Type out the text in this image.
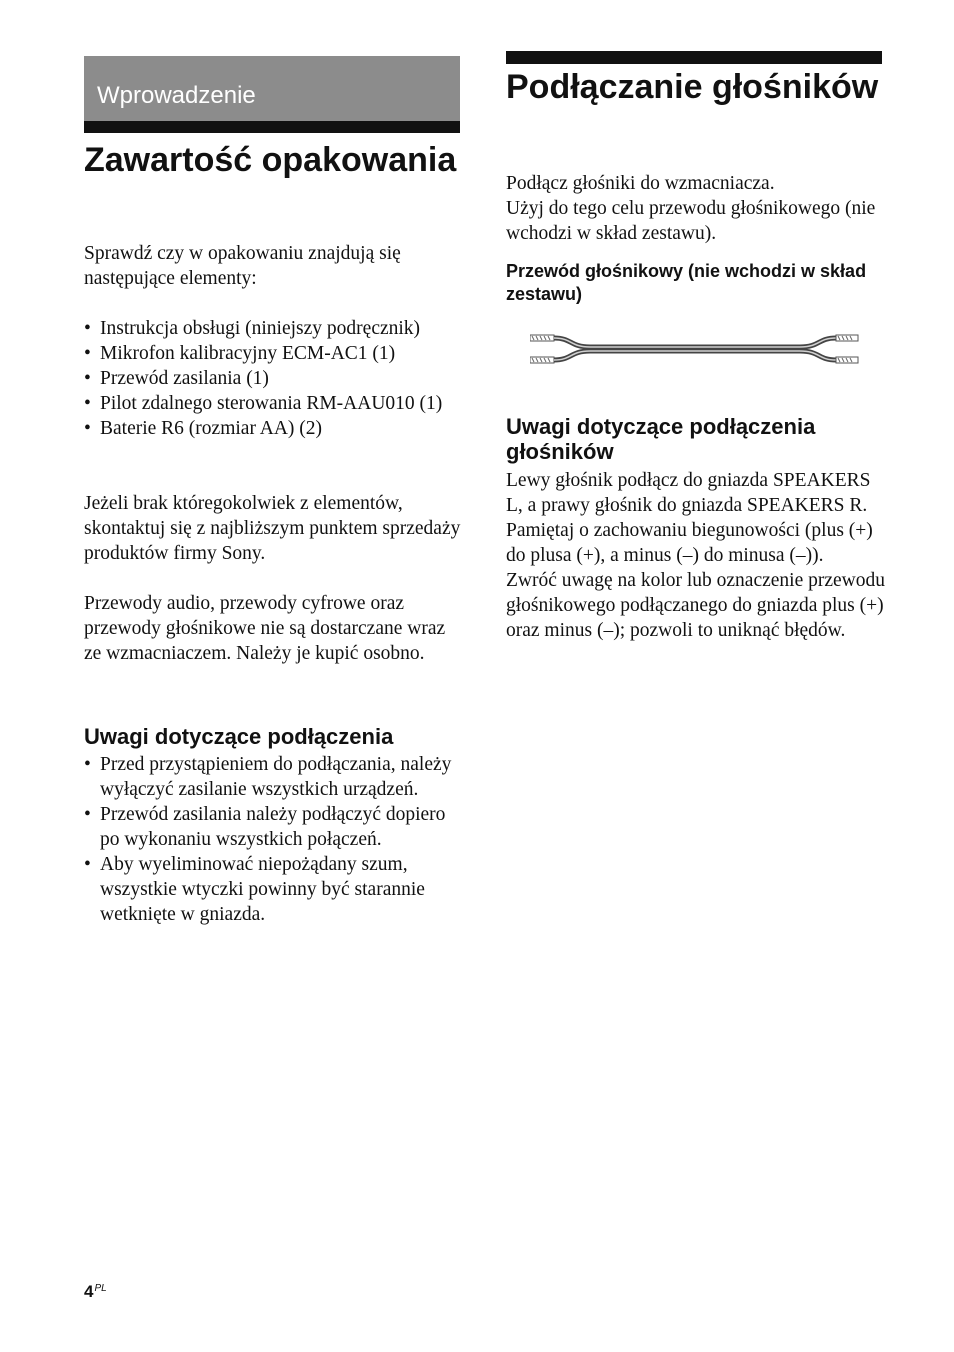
Wprowadzenie
Zawartość opakowania

Sprawdź czy w opakowaniu znajdują się następujące elementy:

• Instrukcja obsługi (niniejszy podręcznik)
• Mikrofon kalibracyjny ECM-AC1 (1)
• Przewód zasilania (1)
• Pilot zdalnego sterowania RM-AAU010 (1)
• Baterie R6 (rozmiar AA) (2)

Jeżeli brak któregokolwiek z elementów, skontaktuj się z najbliższym punktem sprzedaży produktów firmy Sony.

Przewody audio, przewody cyfrowe oraz przewody głośnikowe nie są dostarczane wraz ze wzmacniaczem. Należy je kupić osobno.

Uwagi dotyczące podłączenia
• Przed przystąpieniem do podłączania, należy wyłączyć zasilanie wszystkich urządzeń.
• Przewód zasilania należy podłączyć dopiero po wykonaniu wszystkich połączeń.
• Aby wyeliminować niepożądany szum, wszystkie wtyczki powinny być starannie wetknięte w gniazda.
Podłączanie głośników

Podłącz głośniki do wzmacniacza.
Użyj do tego celu przewodu głośnikowego (nie wchodzi w skład zestawu).

Przewód głośnikowy (nie wchodzi w skład zestawu)

Uwagi dotyczące podłączenia głośników

Lewy głośnik podłącz do gniazda SPEAKERS L, a prawy głośnik do gniazda SPEAKERS R.
Pamiętaj o zachowaniu biegunowości (plus (+) do plusa (+), a minus (–) do minusa (–)).
Zwróć uwagę na kolor lub oznaczenie przewodu głośnikowego podłączanego do gniazda plus (+) oraz minus (–); pozwoli to uniknąć błędów.

$4^{PL}$
